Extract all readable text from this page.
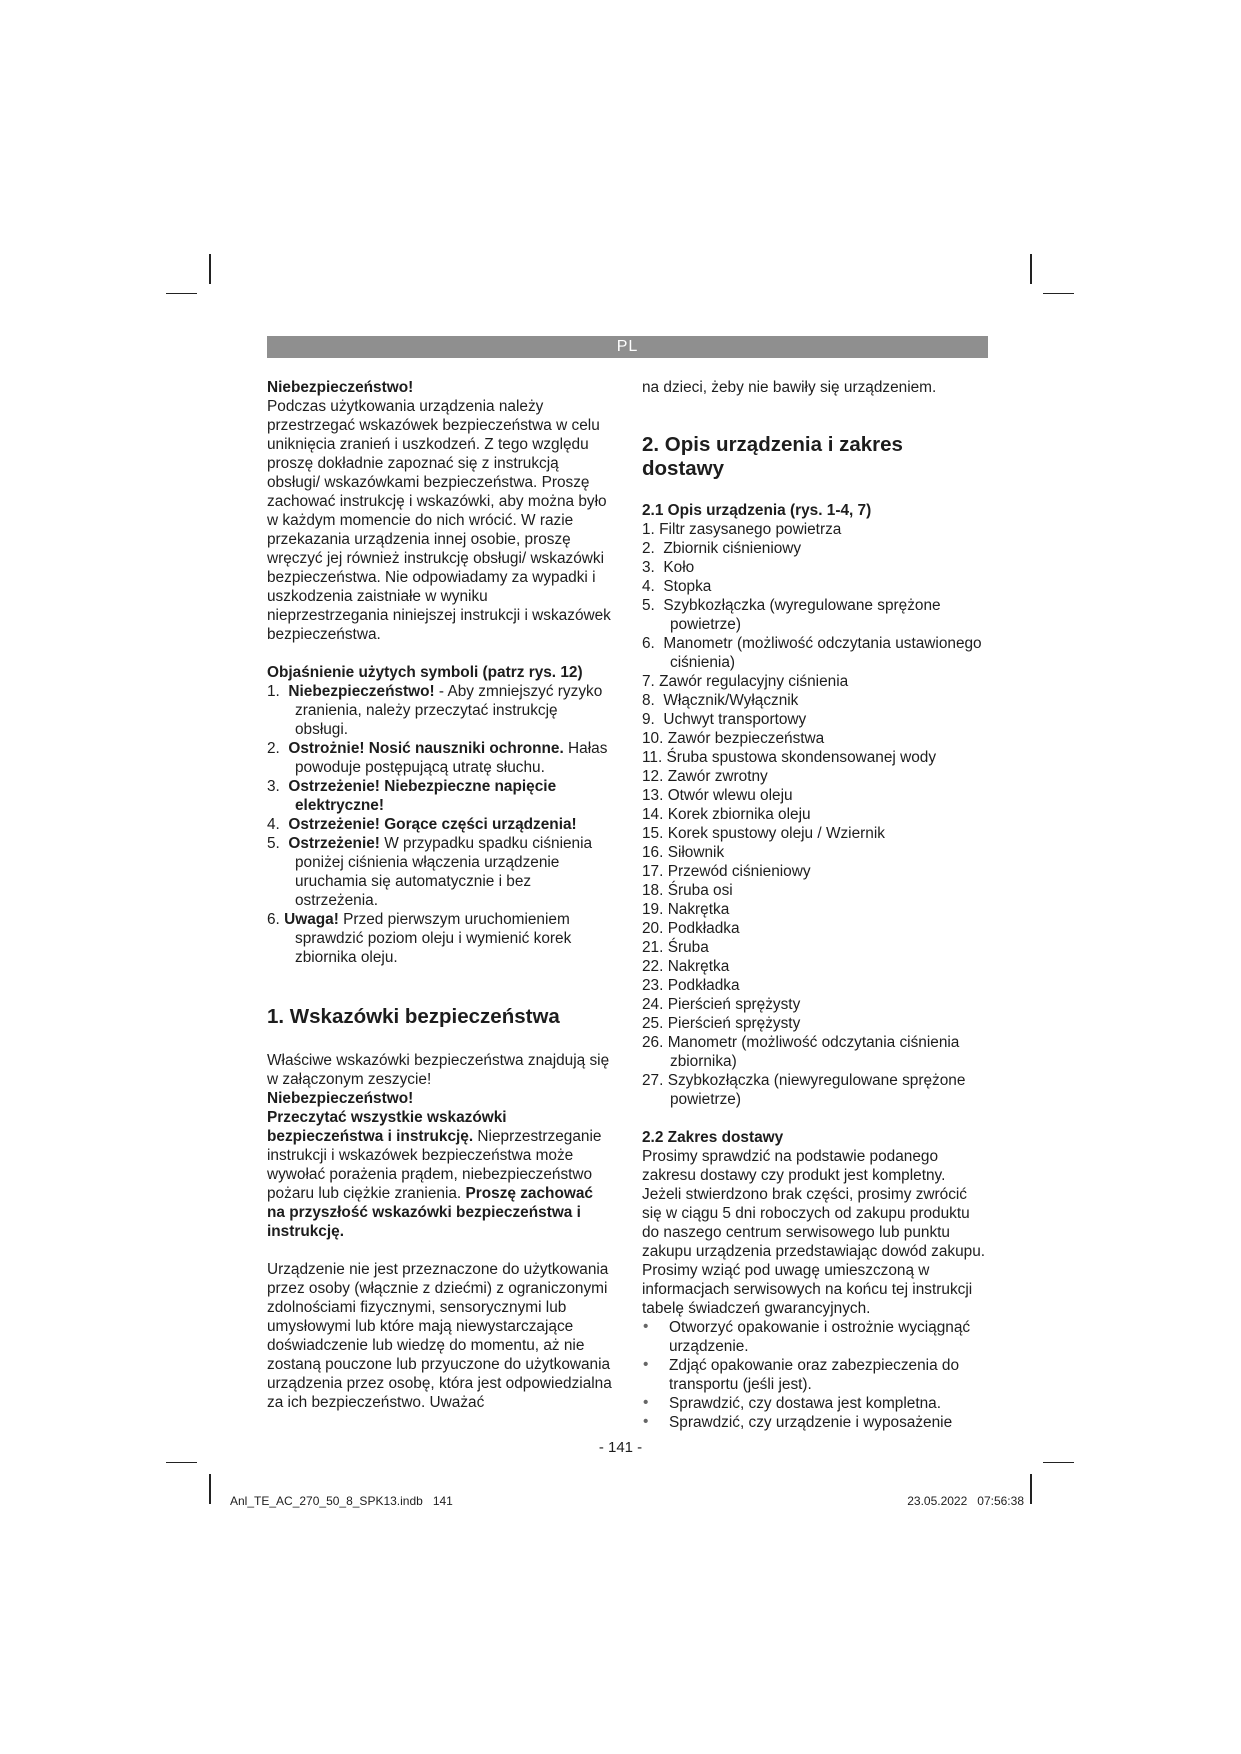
PL

Niebezpieczeństwo!

Podczas użytkowania urządzenia należy przestrzegać wskazówek bezpieczeństwa w celu uniknięcia zranień i uszkodzeń. Z tego względu proszę dokładnie zapoznać się z instrukcją obsługi/ wskazówkami bezpieczeństwa. Proszę zachować instrukcję i wskazówki, aby można było w każdym momencie do nich wrócić. W razie przekazania urządzenia innej osobie, proszę wręczyć jej również instrukcję obsługi/ wskazówki bezpieczeństwa. Nie odpowiadamy za wypadki i uszkodzenia zaistniałe w wyniku nieprzestrzegania niniejszej instrukcji i wskazówek bezpieczeństwa.

Objaśnienie użytych symboli (patrz rys. 12)

1. Niebezpieczeństwo! - Aby zmniejszyć ryzyko zranienia, należy przeczytać instrukcję obsługi.
2. Ostrożnie! Nosić nauszniki ochronne. Hałas powoduje postępującą utratę słuchu.
3. Ostrzeżenie! Niebezpieczne napięcie elektryczne!
4. Ostrzeżenie! Gorące części urządzenia!
5. Ostrzeżenie! W przypadku spadku ciśnienia poniżej ciśnienia włączenia urządzenie uruchamia się automatycznie i bez ostrzeżenia.
6. Uwaga! Przed pierwszym uruchomieniem sprawdzić poziom oleju i wymienić korek zbiornika oleju.
1. Wskazówki bezpieczeństwa

Właściwe wskazówki bezpieczeństwa znajdują się w załączonym zeszycie!

Niebezpieczeństwo!

Przeczytać wszystkie wskazówki bezpieczeństwa i instrukcję. Nieprzestrzeganie instrukcji i wskazówek bezpieczeństwa może wywołać porażenia prądem, niebezpieczeństwo pożaru lub ciężkie zranienia. Proszę zachować na przyszłość wskazówki bezpieczeństwa i instrukcję.

Urządzenie nie jest przeznaczone do użytkowania przez osoby (włącznie z dziećmi) z ograniczonymi zdolnościami fizycznymi, sensorycznymi lub umysłowymi lub które mają niewystarczające doświadczenie lub wiedzę do momentu, aż nie zostaną pouczone lub przyuczone do użytkowania urządzenia przez osobę, która jest odpowiedzialna za ich bezpieczeństwo. Uważać

na dzieci, żeby nie bawiły się urządzeniem.

2. Opis urządzenia i zakres dostawy
2.1 Opis urządzenia (rys. 1-4, 7)
1. Filtr zasysanego powietrza
2. Zbiornik ciśnieniowy
3. Koło
4. Stopka
5. Szybkozłączka (wyregulowane sprężone powietrze)
6. Manometr (możliwość odczytania ustawionego ciśnienia)
7. Zawór regulacyjny ciśnienia
8. Włącznik/Wyłącznik
9. Uchwyt transportowy
10. Zawór bezpieczeństwa
11. Śruba spustowa skondensowanej wody
12. Zawór zwrotny
13. Otwór wlewu oleju
14. Korek zbiornika oleju
15. Korek spustowy oleju / Wziernik
16. Siłownik
17. Przewód ciśnieniowy
18. Śruba osi
19. Nakrętka
20. Podkładka
21. Śruba
22. Nakrętka
23. Podkładka
24. Pierścień sprężysty
25. Pierścień sprężysty
26. Manometr (możliwość odczytania ciśnienia zbiornika)
27. Szybkozłączka (niewyregulowane sprężone powietrze)
2.2 Zakres dostawy

Prosimy sprawdzić na podstawie podanego zakresu dostawy czy produkt jest kompletny. Jeżeli stwierdzono brak części, prosimy zwrócić się w ciągu 5 dni roboczych od zakupu produktu do naszego centrum serwisowego lub punktu zakupu urządzenia przedstawiając dowód zakupu. Prosimy wziąć pod uwagę umieszczoną w informacjach serwisowych na końcu tej instrukcji tabelę świadczeń gwarancyjnych.

• Otworzyć opakowanie i ostrożnie wyciągnąć urządzenie.
• Zdjąć opakowanie oraz zabezpieczenia do transportu (jeśli jest).
• Sprawdzić, czy dostawa jest kompletna.
• Sprawdzić, czy urządzenie i wyposażenie
- 141 -
Anl_TE_AC_270_50_8_SPK13.indb   141	23.05.2022   07:56:38
